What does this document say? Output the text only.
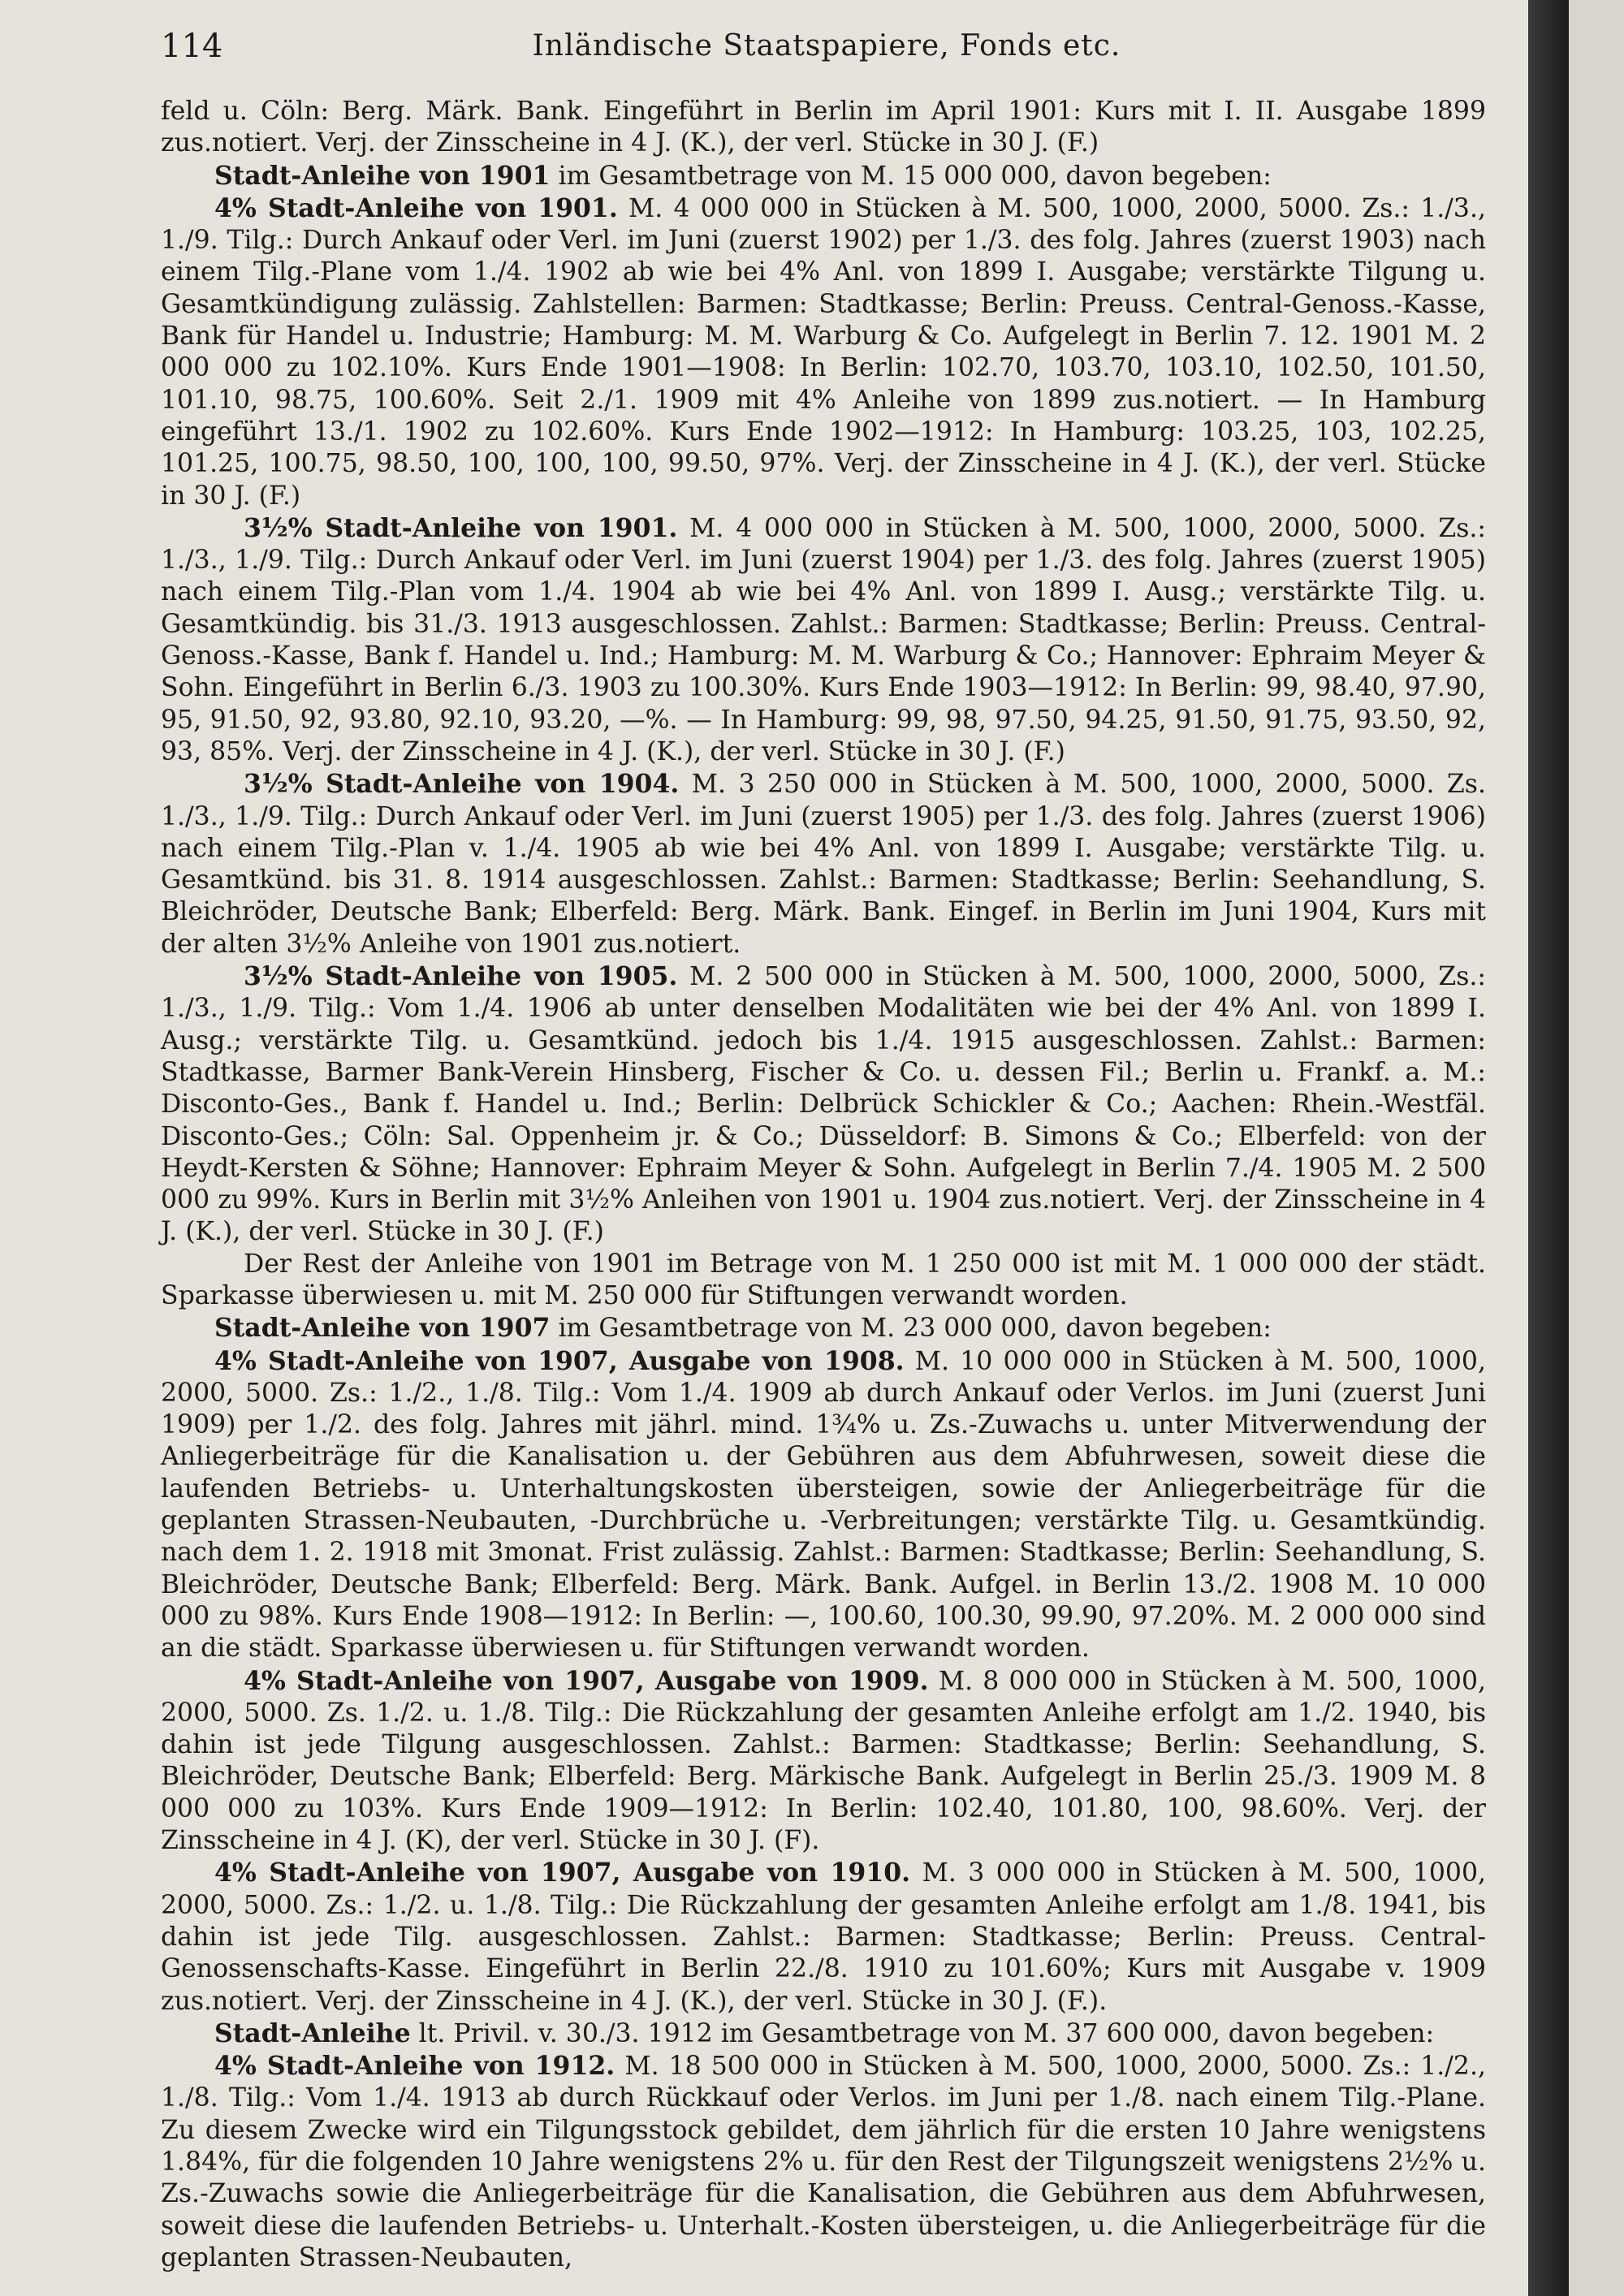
114	Inländische Staatspapiere, Fonds etc.

feld u. Cöln: Berg. Märk. Bank. Eingeführt in Berlin im April 1901: Kurs mit I. II. Ausgabe 1899 zus.notiert. Verj. der Zinsscheine in 4 J. (K.), der verl. Stücke in 30 J. (F.)

Stadt-Anleihe von 1901 im Gesamtbetrage von M. 15 000 000, davon begeben:

4% Stadt-Anleihe von 1901. M. 4 000 000 in Stücken à M. 500, 1000, 2000, 5000. Zs.: 1./3., 1./9. Tilg.: Durch Ankauf oder Verl. im Juni (zuerst 1902) per 1./3. des folg. Jahres (zuerst 1903) nach einem Tilg.-Plane vom 1./4. 1902 ab wie bei 4% Anl. von 1899 I. Ausgabe; verstärkte Tilgung u. Gesamtkündigung zulässig. Zahlstellen: Barmen: Stadtkasse; Berlin: Preuss. Central-Genoss.-Kasse, Bank für Handel u. Industrie; Hamburg: M. M. Warburg & Co. Aufgelegt in Berlin 7. 12. 1901 M. 2 000 000 zu 102.10%. Kurs Ende 1901—1908: In Berlin: 102.70, 103.70, 103.10, 102.50, 101.50, 101.10, 98.75, 100.60%. Seit 2./1. 1909 mit 4% Anleihe von 1899 zus.notiert. — In Hamburg eingeführt 13./1. 1902 zu 102.60%. Kurs Ende 1902—1912: In Hamburg: 103.25, 103, 102.25, 101.25, 100.75, 98.50, 100, 100, 100, 99.50, 97%. Verj. der Zinsscheine in 4 J. (K.), der verl. Stücke in 30 J. (F.)

3½% Stadt-Anleihe von 1901. M. 4 000 000 in Stücken à M. 500, 1000, 2000, 5000. Zs.: 1./3., 1./9. Tilg.: Durch Ankauf oder Verl. im Juni (zuerst 1904) per 1./3. des folg. Jahres (zuerst 1905) nach einem Tilg.-Plan vom 1./4. 1904 ab wie bei 4% Anl. von 1899 I. Ausg.; verstärkte Tilg. u. Gesamtkündig. bis 31./3. 1913 ausgeschlossen. Zahlst.: Barmen: Stadtkasse; Berlin: Preuss. Central-Genoss.-Kasse, Bank f. Handel u. Ind.; Hamburg: M. M. Warburg & Co.; Hannover: Ephraim Meyer & Sohn. Eingeführt in Berlin 6./3. 1903 zu 100.30%. Kurs Ende 1903—1912: In Berlin: 99, 98.40, 97.90, 95, 91.50, 92, 93.80, 92.10, 93.20, —%. — In Hamburg: 99, 98, 97.50, 94.25, 91.50, 91.75, 93.50, 92, 93, 85%. Verj. der Zinsscheine in 4 J. (K.), der verl. Stücke in 30 J. (F.)

3½% Stadt-Anleihe von 1904. M. 3 250 000 in Stücken à M. 500, 1000, 2000, 5000. Zs. 1./3., 1./9. Tilg.: Durch Ankauf oder Verl. im Juni (zuerst 1905) per 1./3. des folg. Jahres (zuerst 1906) nach einem Tilg.-Plan v. 1./4. 1905 ab wie bei 4% Anl. von 1899 I. Ausgabe; verstärkte Tilg. u. Gesamtkünd. bis 31. 8. 1914 ausgeschlossen. Zahlst.: Barmen: Stadtkasse; Berlin: Seehandlung, S. Bleichröder, Deutsche Bank; Elberfeld: Berg. Märk. Bank. Eingef. in Berlin im Juni 1904, Kurs mit der alten 3½% Anleihe von 1901 zus.notiert.

3½% Stadt-Anleihe von 1905. M. 2 500 000 in Stücken à M. 500, 1000, 2000, 5000, Zs.: 1./3., 1./9. Tilg.: Vom 1./4. 1906 ab unter denselben Modalitäten wie bei der 4% Anl. von 1899 I. Ausg.; verstärkte Tilg. u. Gesamtkünd. jedoch bis 1./4. 1915 ausgeschlossen. Zahlst.: Barmen: Stadtkasse, Barmer Bank-Verein Hinsberg, Fischer & Co. u. dessen Fil.; Berlin u. Frankf. a. M.: Disconto-Ges., Bank f. Handel u. Ind.; Berlin: Delbrück Schickler & Co.; Aachen: Rhein.-Westfäl. Disconto-Ges.; Cöln: Sal. Oppenheim jr. & Co.; Düsseldorf: B. Simons & Co.; Elberfeld: von der Heydt-Kersten & Söhne; Hannover: Ephraim Meyer & Sohn. Aufgelegt in Berlin 7./4. 1905 M. 2 500 000 zu 99%. Kurs in Berlin mit 3½% Anleihen von 1901 u. 1904 zus.notiert. Verj. der Zinsscheine in 4 J. (K.), der verl. Stücke in 30 J. (F.)

Der Rest der Anleihe von 1901 im Betrage von M. 1 250 000 ist mit M. 1 000 000 der städt. Sparkasse überwiesen u. mit M. 250 000 für Stiftungen verwandt worden.

Stadt-Anleihe von 1907 im Gesamtbetrage von M. 23 000 000, davon begeben:

4% Stadt-Anleihe von 1907, Ausgabe von 1908. M. 10 000 000 in Stücken à M. 500, 1000, 2000, 5000. Zs.: 1./2., 1./8. Tilg.: Vom 1./4. 1909 ab durch Ankauf oder Verlos. im Juni (zuerst Juni 1909) per 1./2. des folg. Jahres mit jährl. mind. 1¾% u. Zs.-Zuwachs u. unter Mitverwendung der Anliegerbeiträge für die Kanalisation u. der Gebühren aus dem Abfuhrwesen, soweit diese die laufenden Betriebs- u. Unterhaltungskosten übersteigen, sowie der Anliegerbeiträge für die geplanten Strassen-Neubauten, -Durchbrüche u. -Verbreitungen; verstärkte Tilg. u. Gesamtkündig. nach dem 1. 2. 1918 mit 3monat. Frist zulässig. Zahlst.: Barmen: Stadtkasse; Berlin: Seehandlung, S. Bleichröder, Deutsche Bank; Elberfeld: Berg. Märk. Bank. Aufgel. in Berlin 13./2. 1908 M. 10 000 000 zu 98%. Kurs Ende 1908—1912: In Berlin: —, 100.60, 100.30, 99.90, 97.20%. M. 2 000 000 sind an die städt. Sparkasse überwiesen u. für Stiftungen verwandt worden.

4% Stadt-Anleihe von 1907, Ausgabe von 1909. M. 8 000 000 in Stücken à M. 500, 1000, 2000, 5000. Zs. 1./2. u. 1./8. Tilg.: Die Rückzahlung der gesamten Anleihe erfolgt am 1./2. 1940, bis dahin ist jede Tilgung ausgeschlossen. Zahlst.: Barmen: Stadtkasse; Berlin: Seehandlung, S. Bleichröder, Deutsche Bank; Elberfeld: Berg. Märkische Bank. Aufgelegt in Berlin 25./3. 1909 M. 8 000 000 zu 103%. Kurs Ende 1909—1912: In Berlin: 102.40, 101.80, 100, 98.60%. Verj. der Zinsscheine in 4 J. (K), der verl. Stücke in 30 J. (F).

4% Stadt-Anleihe von 1907, Ausgabe von 1910. M. 3 000 000 in Stücken à M. 500, 1000, 2000, 5000. Zs.: 1./2. u. 1./8. Tilg.: Die Rückzahlung der gesamten Anleihe erfolgt am 1./8. 1941, bis dahin ist jede Tilg. ausgeschlossen. Zahlst.: Barmen: Stadtkasse; Berlin: Preuss. Central-Genossenschafts-Kasse. Eingeführt in Berlin 22./8. 1910 zu 101.60%; Kurs mit Ausgabe v. 1909 zus.notiert. Verj. der Zinsscheine in 4 J. (K.), der verl. Stücke in 30 J. (F.).

Stadt-Anleihe lt. Privil. v. 30./3. 1912 im Gesamtbetrage von M. 37 600 000, davon begeben:

4% Stadt-Anleihe von 1912. M. 18 500 000 in Stücken à M. 500, 1000, 2000, 5000. Zs.: 1./2., 1./8. Tilg.: Vom 1./4. 1913 ab durch Rückkauf oder Verlos. im Juni per 1./8. nach einem Tilg.-Plane. Zu diesem Zwecke wird ein Tilgungsstock gebildet, dem jährlich für die ersten 10 Jahre wenigstens 1.84%, für die folgenden 10 Jahre wenigstens 2% u. für den Rest der Tilgungszeit wenigstens 2½% u. Zs.-Zuwachs sowie die Anliegerbeiträge für die Kanalisation, die Gebühren aus dem Abfuhrwesen, soweit diese die laufenden Betriebs- u. Unterhalt.-Kosten übersteigen, u. die Anliegerbeiträge für die geplanten Strassen-Neubauten,
